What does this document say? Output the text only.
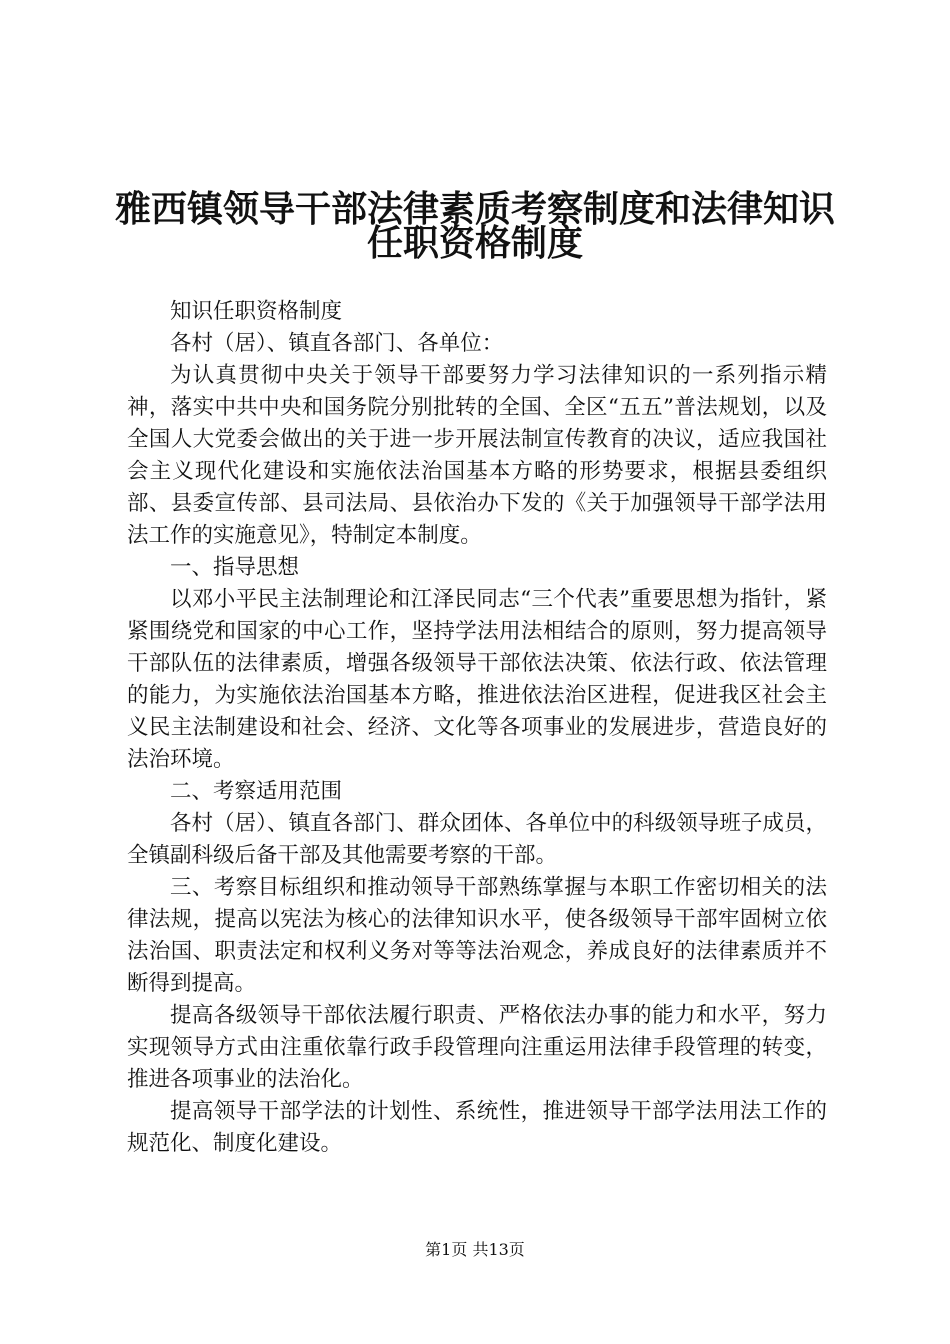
雅西镇领导干部法律素质考察制度和法律知识
任职资格制度

知识任职资格制度

各村（居）、镇直各部门、各单位：

为认真贯彻中央关于领导干部要努力学习法律知识的一系列指示精神，落实中共中央和国务院分别批转的全国、全区“五五”普法规划，以及全国人大党委会做出的关于进一步开展法制宣传教育的决议，适应我国社会主义现代化建设和实施依法治国基本方略的形势要求，根据县委组织部、县委宣传部、县司法局、县依治办下发的《关于加强领导干部学法用法工作的实施意见》，特制定本制度。

一、指导思想

以邓小平民主法制理论和江泽民同志“三个代表”重要思想为指针，紧紧围绕党和国家的中心工作，坚持学法用法相结合的原则，努力提高领导干部队伍的法律素质，增强各级领导干部依法决策、依法行政、依法管理的能力，为实施依法治国基本方略，推进依法治区进程，促进我区社会主义民主法制建设和社会、经济、文化等各项事业的发展进步，营造良好的法治环境。

二、考察适用范围

各村（居）、镇直各部门、群众团体、各单位中的科级领导班子成员，全镇副科级后备干部及其他需要考察的干部。

三、考察目标组织和推动领导干部熟练掌握与本职工作密切相关的法律法规，提高以宪法为核心的法律知识水平，使各级领导干部牢固树立依法治国、职责法定和权利义务对等等法治观念，养成良好的法律素质并不断得到提高。

提高各级领导干部依法履行职责、严格依法办事的能力和水平，努力实现领导方式由注重依靠行政手段管理向注重运用法律手段管理的转变，推进各项事业的法治化。

提高领导干部学法的计划性、系统性，推进领导干部学法用法工作的规范化、制度化建设。

第1页 共13页
